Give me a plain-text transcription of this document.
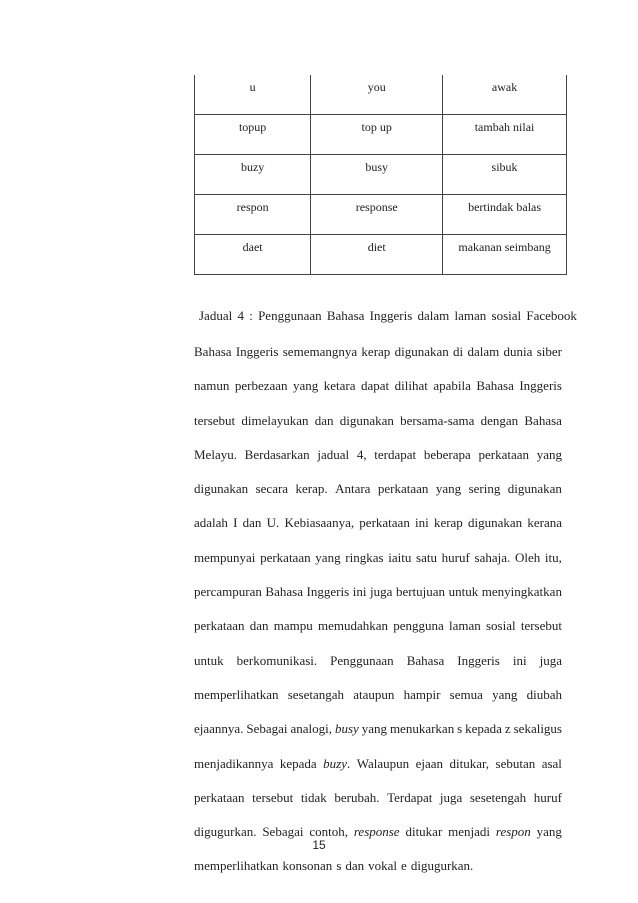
u	you	awak
topup	top up	tambah nilai
buzy	busy	sibuk
respon	response	bertindak balas
daet	diet	makanan seimbang
Jadual 4 : Penggunaan Bahasa Inggeris dalam laman sosial Facebook
Bahasa Inggeris sememangnya kerap digunakan di dalam dunia siber
namun perbezaan yang ketara dapat dilihat apabila Bahasa Inggeris
tersebut dimelayukan dan digunakan bersama-sama dengan Bahasa
Melayu. Berdasarkan jadual 4, terdapat beberapa perkataan yang
digunakan secara kerap. Antara perkataan yang sering digunakan
adalah I dan U. Kebiasaanya, perkataan ini kerap digunakan kerana
mempunyai perkataan yang ringkas iaitu satu huruf sahaja. Oleh itu,
percampuran Bahasa Inggeris ini juga bertujuan untuk menyingkatkan
perkataan dan mampu memudahkan pengguna laman sosial tersebut
untuk berkomunikasi. Penggunaan Bahasa Inggeris ini juga
memperlihatkan sesetangah ataupun hampir semua yang diubah
ejaannya. Sebagai analogi, busy yang menukarkan s kepada z sekaligus
menjadikannya kepada buzy. Walaupun ejaan ditukar, sebutan asal
perkataan tersebut tidak berubah. Terdapat juga sesetengah huruf
digugurkan. Sebagai contoh, response ditukar menjadi respon yang
memperlihatkan konsonan s dan vokal e digugurkan.
15
